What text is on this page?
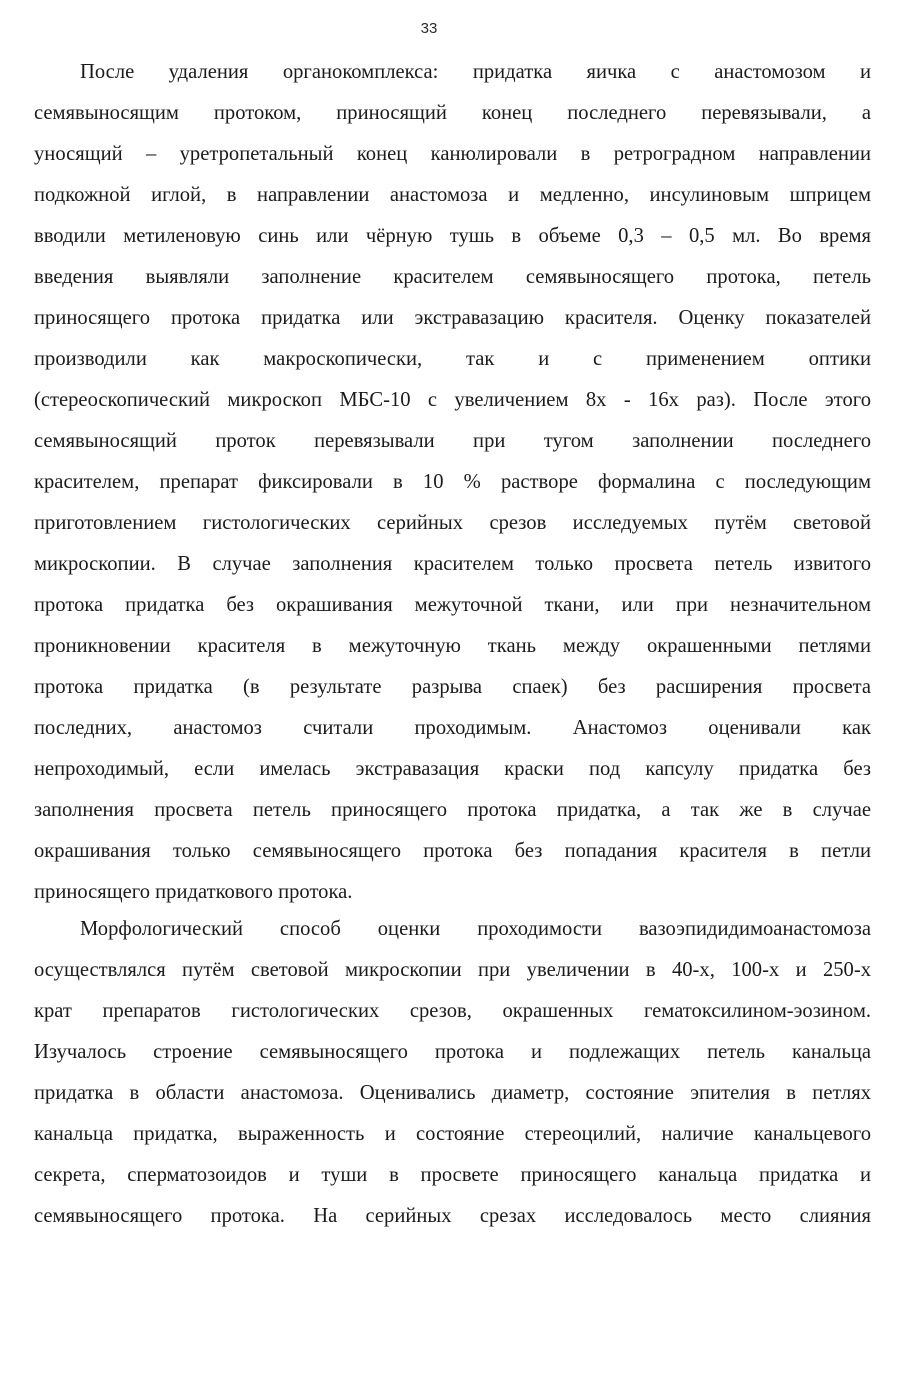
33
После удаления органокомплекса: придатка яичка с анастомозом и
семявыносящим протоком, приносящий конец последнего перевязывали, а
уносящий – уретропетальный конец канюлировали в ретроградном направлении
подкожной иглой, в направлении анастомоза и медленно, инсулиновым шприцем
вводили метиленовую синь или чёрную тушь в объеме 0,3 – 0,5 мл. Во время
введения выявляли заполнение красителем семявыносящего протока, петель
приносящего протока придатка или экстравазацию красителя. Оценку показателей
производили как макроскопически, так и с применением оптики
(стереоскопический микроскоп МБС-10 с увеличением 8х - 16х раз). После этого
семявыносящий проток перевязывали при тугом заполнении последнего
красителем, препарат фиксировали в 10 % растворе формалина с последующим
приготовлением гистологических серийных срезов исследуемых путём световой
микроскопии. В случае заполнения красителем только просвета петель извитого
протока придатка без окрашивания межуточной ткани, или при незначительном
проникновении красителя в межуточную ткань между окрашенными петлями
протока придатка (в результате разрыва спаек) без расширения просвета
последних, анастомоз считали проходимым. Анастомоз оценивали как
непроходимый, если имелась экстравазация краски под капсулу придатка без
заполнения просвета петель приносящего протока придатка, а так же в случае
окрашивания только семявыносящего протока без попадания красителя в петли
приносящего придаткового протока.
Морфологический способ оценки проходимости вазоэпидидимоанастомоза
осуществлялся путём световой микроскопии при увеличении в 40-х, 100-х и 250-х
крат препаратов гистологических срезов, окрашенных гематоксилином-эозином.
Изучалось строение семявыносящего протока и подлежащих петель канальца
придатка в области анастомоза. Оценивались диаметр, состояние эпителия в петлях
канальца придатка, выраженность и состояние стереоцилий, наличие канальцевого
секрета, сперматозоидов и туши в просвете приносящего канальца придатка и
семявыносящего протока. На серийных срезах исследовалось место слияния
